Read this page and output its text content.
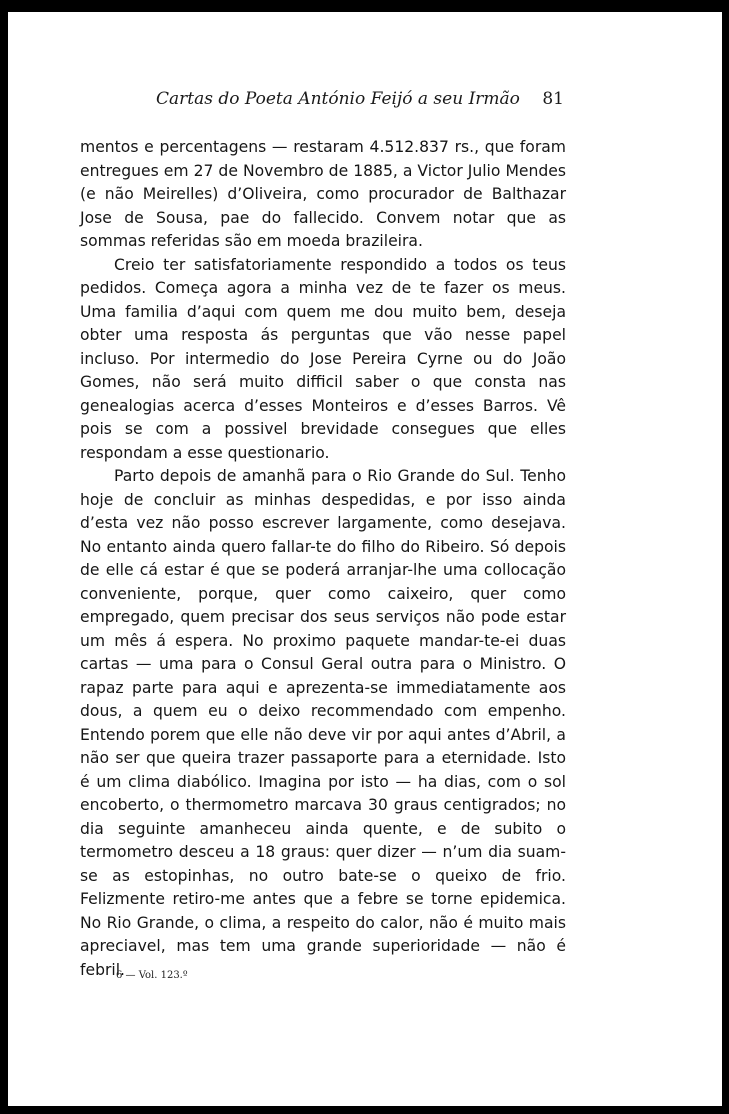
Cartas do Poeta António Feijó a seu Irmão 81

mentos e percentagens — restaram 4.512.837 rs., que foram entregues em 27 de Novembro de 1885, a Victor Julio Mendes (e não Meirelles) d’Oliveira, como procurador de Balthazar Jose de Sousa, pae do fallecido. Convem notar que as sommas referidas são em moeda brazileira.

Creio ter satisfatoriamente respondido a todos os teus pedidos. Começa agora a minha vez de te fazer os meus. Uma familia d’aqui com quem me dou muito bem, deseja obter uma resposta ás perguntas que vão nesse papel incluso. Por intermedio do Jose Pereira Cyrne ou do João Gomes, não será muito difficil saber o que consta nas genealogias acerca d’esses Monteiros e d’esses Barros. Vê pois se com a possivel brevidade consegues que elles respondam a esse questionario.

Parto depois de amanhã para o Rio Grande do Sul. Tenho hoje de concluir as minhas despedidas, e por isso ainda d’esta vez não posso escrever largamente, como desejava. No entanto ainda quero fallar-te do filho do Ribeiro. Só depois de elle cá estar é que se poderá arranjar-lhe uma collocação conveniente, porque, quer como caixeiro, quer como empregado, quem precisar dos seus serviços não pode estar um mês á espera. No proximo paquete mandar-te-ei duas cartas — uma para o Consul Geral outra para o Ministro. O rapaz parte para aqui e aprezenta-se immediatamente aos dous, a quem eu o deixo recommendado com empenho. Entendo porem que elle não deve vir por aqui antes d’Abril, a não ser que queira trazer passaporte para a eternidade. Isto é um clima diabólico. Imagina por isto — ha dias, com o sol encoberto, o thermometro marcava 30 graus centigrados; no dia seguinte amanheceu ainda quente, e de subito o termometro desceu a 18 graus: quer dizer — n’um dia suam-se as estopinhas, no outro bate-se o queixo de frio. Felizmente retiro-me antes que a febre se torne epidemica. No Rio Grande, o clima, a respeito do calor, não é muito mais apreciavel, mas tem uma grande superioridade — não é febril.

6 — Vol. 123.º
